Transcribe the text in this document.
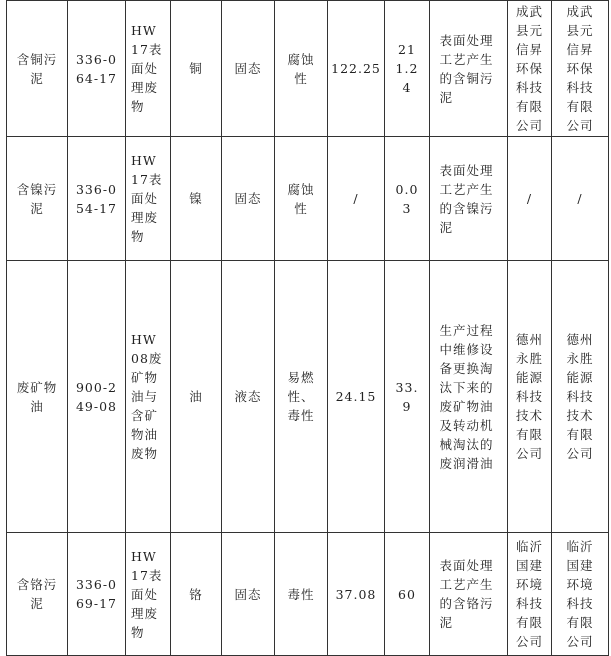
含铜污泥	336-064-17	HW17表面处理废物	铜	固态	腐蚀性	122.25	211.24	表面处理工艺产生的含铜污泥	成武县元信昇环保科技有限公司	成武县元信昇环保科技有限公司
含镍污泥	336-054-17	HW17表面处理废物	镍	固态	腐蚀性	/	0.03	表面处理工艺产生的含镍污泥	/	/
废矿物油	900-249-08	HW08废矿物油与含矿物油废物	油	液态	易燃性、毒性	24.15	33.9	生产过程中维修设备更换淘汰下来的废矿物油及转动机械淘汰的废润滑油	德州永胜能源科技技术有限公司	德州永胜能源科技技术有限公司
含铬污泥	336-069-17	HW17表面处理废物	铬	固态	毒性	37.08	60	表面处理工艺产生的含铬污泥	临沂国建环境科技有限公司	临沂国建环境科技有限公司
